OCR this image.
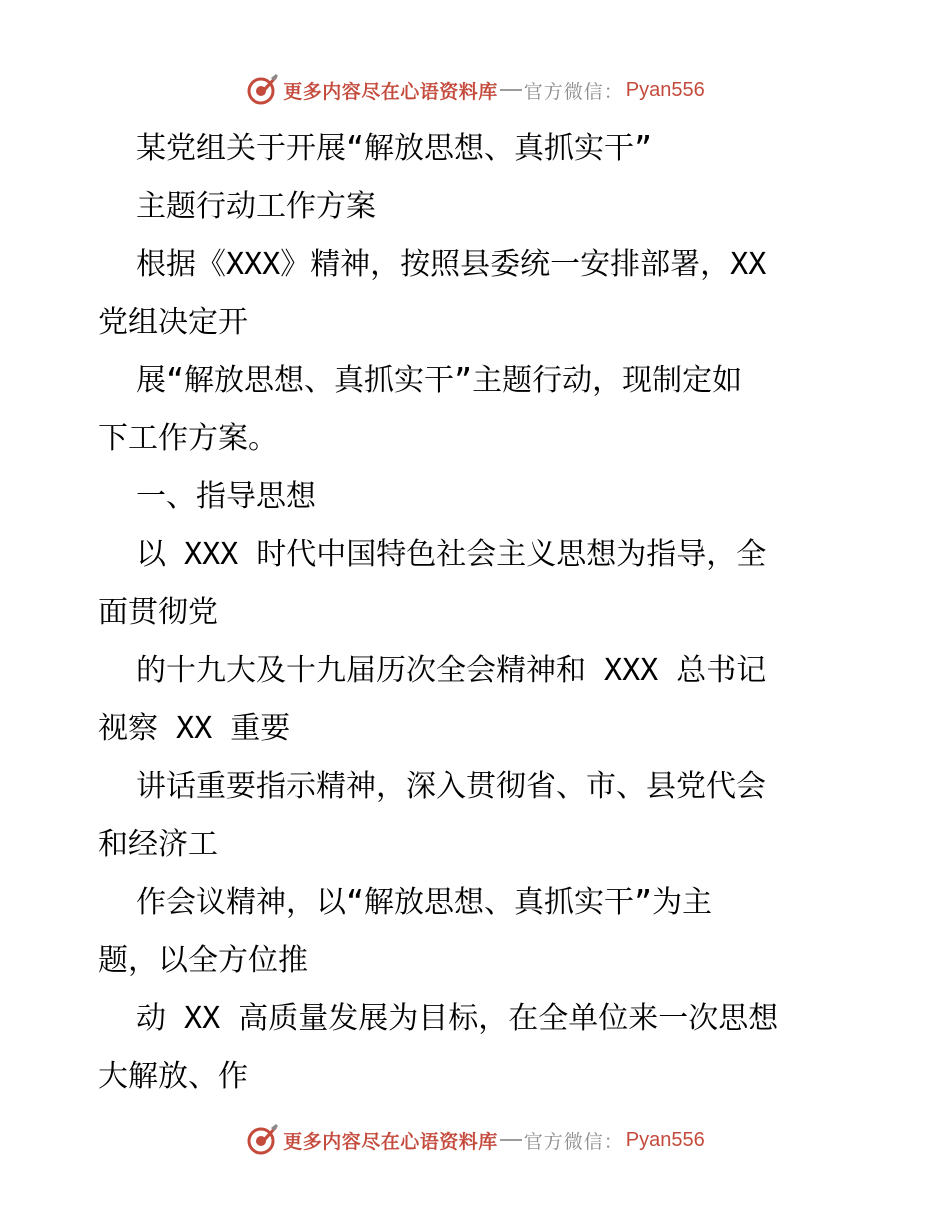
更多内容尽在心语资料库 官方微信： Pyan556
某党组关于开展“解放思想、真抓实干”
主题行动工作方案
根据《XXX》精神，按照县委统一安排部署，XX
党组决定开
展“解放思想、真抓实干”主题行动，现制定如
下工作方案。
一、指导思想
以 XXX 时代中国特色社会主义思想为指导，全
面贯彻党
的十九大及十九届历次全会精神和 XXX 总书记
视察 XX 重要
讲话重要指示精神，深入贯彻省、市、县党代会
和经济工
作会议精神，以“解放思想、真抓实干”为主
题，以全方位推
动 XX 高质量发展为目标，在全单位来一次思想
大解放、作
更多内容尽在心语资料库 官方微信： Pyan556
